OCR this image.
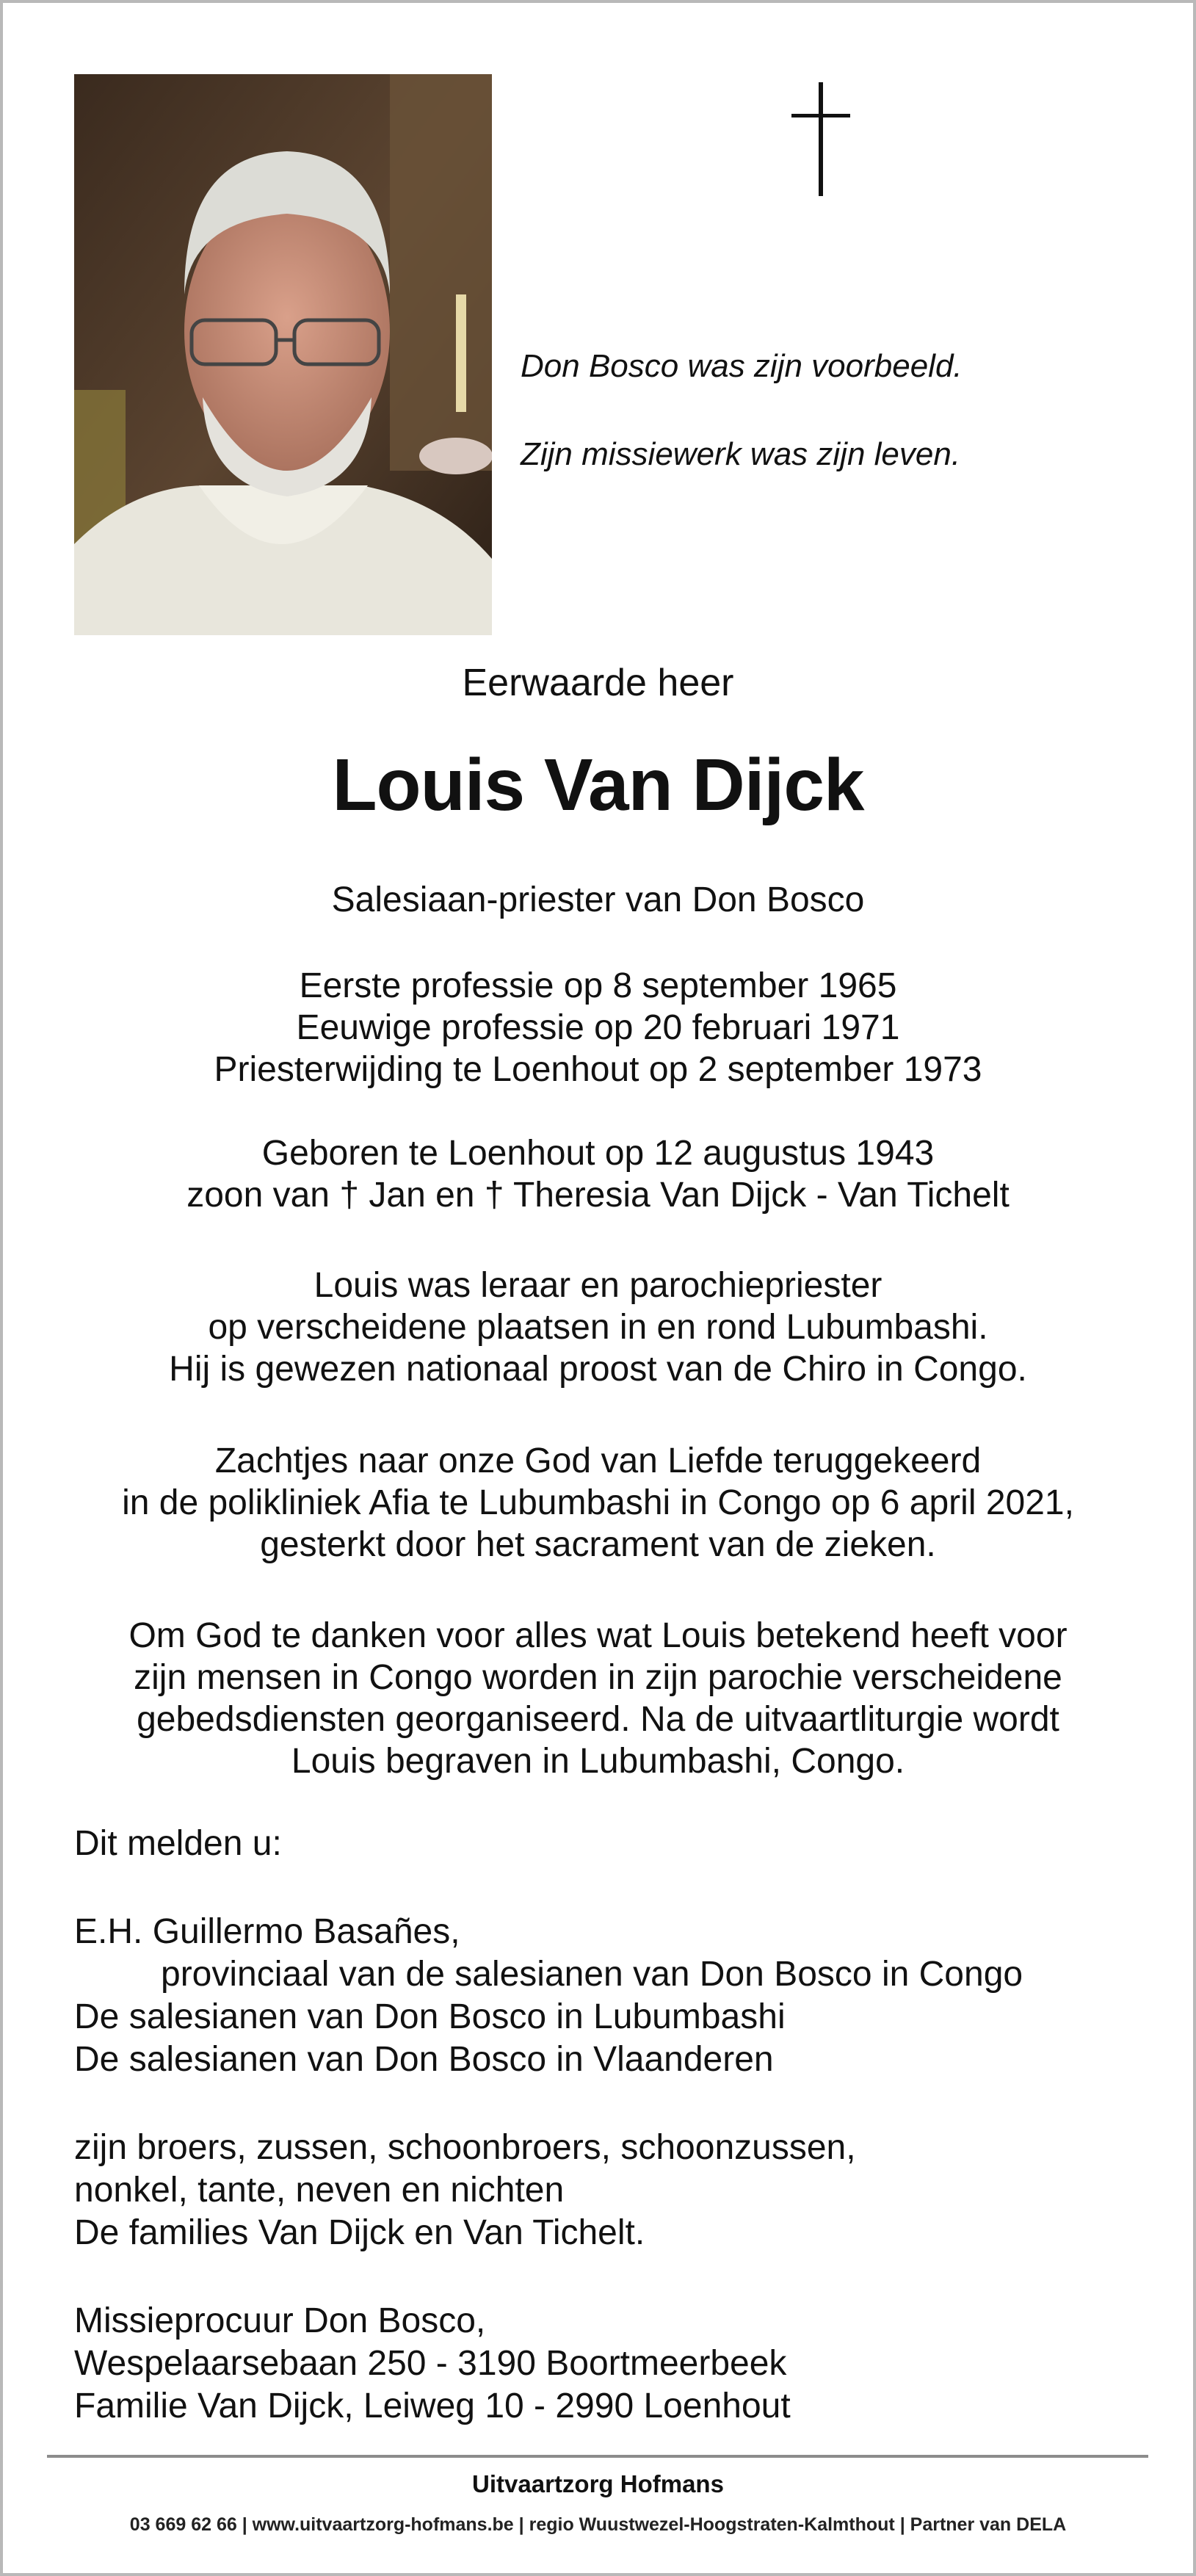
Don Bosco was zijn voorbeeld.
Zijn missiewerk was zijn leven.
Eerwaarde heer
Louis Van Dijck
Salesiaan-priester van Don Bosco
Eerste professie op 8 september 1965
Eeuwige professie op 20 februari 1971
Priesterwijding te Loenhout op 2 september 1973
Geboren te Loenhout op 12 augustus 1943
zoon van † Jan en † Theresia Van Dijck - Van Tichelt
Louis was leraar en parochiepriester
op verscheidene plaatsen in en rond Lubumbashi.
Hij is gewezen nationaal proost van de Chiro in Congo.
Zachtjes naar onze God van Liefde teruggekeerd
in de polikliniek Afia te Lubumbashi in Congo op 6 april 2021,
gesterkt door het sacrament van de zieken.
Om God te danken voor alles wat Louis betekend heeft voor
zijn mensen in Congo worden in zijn parochie verscheidene
gebedsdiensten georganiseerd. Na de uitvaartliturgie wordt
Louis begraven in Lubumbashi, Congo.
Dit melden u:
E.H. Guillermo Basañes,
provinciaal van de salesianen van Don Bosco in Congo
De salesianen van Don Bosco in Lubumbashi
De salesianen van Don Bosco in Vlaanderen
zijn broers, zussen, schoonbroers, schoonzussen,
nonkel, tante, neven en nichten
De families Van Dijck en Van Tichelt.
Missieprocuur Don Bosco,
Wespelaarsebaan 250 - 3190 Boortmeerbeek
Familie Van Dijck, Leiweg 10 - 2990 Loenhout
Uitvaartzorg Hofmans
03 669 62 66 | www.uitvaartzorg-hofmans.be | regio Wuustwezel-Hoogstraten-Kalmthout | Partner van DELA
